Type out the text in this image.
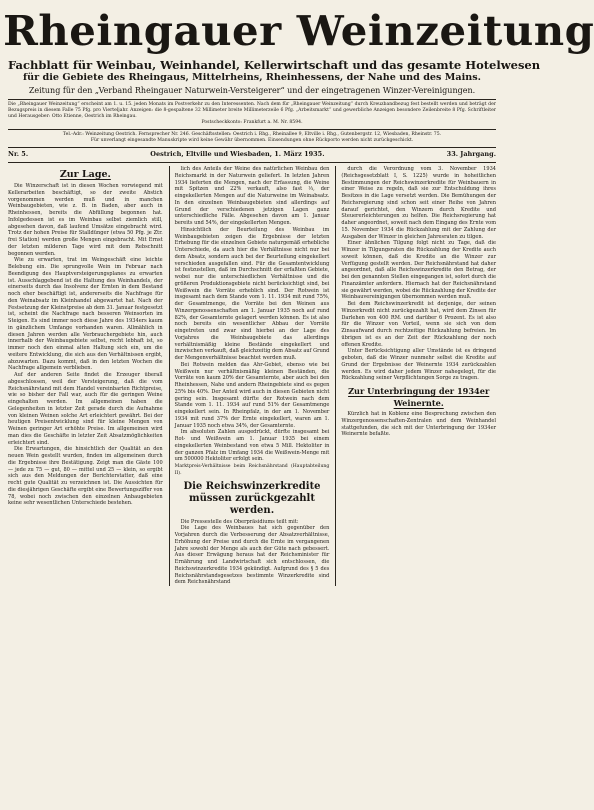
Rheingauer Weinzeitung
Fachblatt für Weinbau, Weinhandel, Kellerwirtschaft und das gesamte Hotelwesen
für die Gebiete des Rheingaus, Mittelrheins, Rheinhessens, der Nahe und des Mains.
Zeitung für den „Verband Rheingauer Naturwein-Versteigerer“ und der eingetragenen Winzer-Vereinigungen.
Die „Rheingauer Weinzeitung“ erscheint am 1. u. 15. jeden Monats im Postverkehr zu den Interessenten. Nach dem für „Rheingauer Weinzeitung“ durch Kreuzbandbezug fest bestellt werden und beträgt der Bezugspreis in diesem Falle 75 Pfg. pro Vierteljahr. Anzeigen: die 8-gespaltene 32 Millimeter breite Millimeterzeile 6 Pfg. „Arbeitsmarkt“ und gewerbliche Anzeigen besondere Zeilenbreite 8 Pfg. Schriftleiter und Herausgeber: Otto Etienne, Oestrich im Rheingau.
Postscheckkonto: Frankfurt a. M. Nr. 8594.
Tel.-Adr.: Weinzeitung Oestrich. Fernsprecher Nr. 246. Geschäftsstellen: Oestrich i. Rhg., Rheinallee 9, Eltville i. Rhg., Gutenbergstr. 12, Wiesbaden, Rheinstr. 75.
Für unverlangt eingesandte Manuskripte wird keine Gewähr übernommen. Einsendungen ohne Rückporto werden nicht zurückgeschickt.
Nr. 5.	Oestrich, Eltville und Wiesbaden, 1. März 1935.	33. Jahrgang.
Zur Lage.

Die Winzerschaft ist in diesen Wochen vorwiegend mit Kellerarbeiten beschäftigt, so der zweite Abstich vorgenommen werden muß und in manchen Weinbaugebieten, wie z. B. in Baden, aber auch in Rheinhessen, bereits die Abfüllung begonnen hat. Infolgedessen ist es im Weinbau selbst ziemlich still, abgesehen davon, daß laufend Umsätze eingebracht wird. Trotz der hohen Preise für Stalldünger (etwa 50 Pfg. je Ztr. frei Station) werden große Mengen eingebracht. Mit Ernst der letzten milderen Tage wird mit dem Rebschnitt begonnen werden.

Wie zu erwarten, trat im Weingeschäft eine leichte Belebung ein. Die sprungvolle Wein im Februar nach Beendigung des Hauptversteigerungsplanes zu erwarten ist. Ausschlaggebend ist die Haltung des Weinhandels, der einerseits durch das Insolvenz der Ernten in dem Bestand noch eher beschäftigt ist, andererseits die Nachfrage für den Weinabsatz im Kleinhandel abgewartet hat. Nach der Festsetzung der Kleinstpreise ab dem 31. Januar festgesetzt ist, scheint die Nachfrage nach besseren Weinsorten im Steigen. Es sind immer noch diese Jahre des 1934ers kaum in gänzlichem Umfange vorhanden waren. Allmählich in diesen Jahren werden alle Verbrauchergebiete hin, auch innerhalb der Weinbaugebiete selbst, recht lebhaft ist, so immer noch den einmal alten Haltung sich ein, um die weitere Entwicklung, die sich aus den Verhältnissen ergibt, abzuwarten. Dazu kommt, daß in den letzten Wochen die Nachfrage allgemein verblieben.

Auf der anderen Seite findet die Erzeuger überall abgeschlossen, weil der Versteigerung, daß die vom Reichsnährstand mit dem Handel vereinbarten Richtpreise, wie so bisher der Fall war, auch für die geringen Weine eingehalten werden. Im allgemeinen haben die Gelegenheiten in letzter Zeit gerade durch die Aufnahme von kleinen Weinen solche Art erleichtert gewährt. Bei der heutigen Preisentwicklung sind für kleine Mengen von Weinen geringer Art erhöhte Preise. Im allgemeinen wird man dies die Geschäfte in letzter Zeit Absatzmöglichkeiten erleichtert sind.

Die Erwartungen, die hinsichtlich der Qualität an den neuen Wein gestellt wurden, finden im allgemeinen durch die Ergebnisse ihre Bestätigung. Zeigt man die Gäste 100 — jede zu 75 — gut, 80 — mittel und 25 — klein, so ergibt sich aus den Meldungen der Berichterstatter, daß eine recht gute Qualität zu verzeichnen ist. Die Aussichten für die diesjährigen Geschäfte ergibt eine Bewertungsziffer von 78, wobei noch zwischen den einzelnen Anbaugebieten keine sehr wesentlichen Unterschiede bestehen.

lich des Anteils der Weine des natürlichen Weinbau den Reichsmarkt in der Naturwein geliefert. In letzten Jahren 1934 lieferten die Mengen, nach der Erfassung, die Weine mit Spitzen und 22% verkauft, also fast ⅓, der eingekellerten Mengen auf die Naturweine im Weinabsatz. In den einzelnen Weinbaugebieten sind allerdings auf Grund der verschiedenen jetzigen Lagen ganz unterschiedliche Fälle. Abgesehen davon am 1. Januar bereits und 54%, der eingekellerten Mengen.

Hinsichtlich der Beurteilung des Weinbau im Weinbaugebieten zeigen die Ergebnisse der letzten Erhebung für die einzelnen Gebiete naturgemäß erhebliche Unterschiede, da auch hier die Verhältnisse nicht nur bei dem Absatz, sondern auch bei der Beurteilung eingekellert verschieden ausgefallen sind. Für die Gesamtentwicklung ist festzustellen, daß im Durchschnitt der erfaßten Gebiete, wobei nur die unterschiedlichen Verhältnisse und die größeren Produktionsgebiete nicht berücksichtigt sind, bei Weißwein die Vorräte erheblich sind. Der Rotwein ist insgesamt nach dem Stande vom 1. 11. 1934 mit rund 75%, der Gesamtmenge, die Vorräte bei den Weinen aus Winzergenossenschaften am 1. Januar 1935 noch auf rund 82%, der Gesamternte gelagert werden können. Es ist also noch bereits ein wesentlicher Abbau der Vorräte eingetreten und zwar sind hierbei an der Lage des Vorjahres die Weinbaugebiete das allerdings verhältnismäßig kleine Bestände eingekellert und inzwischen verkauft, daß gleichzeitig dem Absatz auf Grund der Mengenverhältnisse beachtet werden muß.

Bei Rotwein melden das Ahr-Gebiet, ebenso wie bei Weißwein nur verhältnismäßig kleinen Beständen, die Vorräte von kaum 20% der Gesamternte, aber auch bei den Rheinhessen, Nahe und andern Rheingebiete sind es gegen 25% bis 40%. Der Anteil wird auch in diesen Gebieten nicht gering sein. Insgesamt dürfte der Rotwein nach dem Stande vom 1. 11. 1934 auf rund 51% der Gesamtmenge eingekellert sein. In Rheinpfalz, in der am 1. November 1934 mit rund 37% der Ernte eingekellert, waren am 1. Januar 1935 noch etwa 34%, der Gesamternte.

Im absoluten Zahlen ausgedrückt, dürfte insgesamt bei Rot- und Weißwein am 1. Januar 1935 bei einem eingekellerten Weinbestand von etwa 5 Mill. Hektoliter in der ganzen Pfalz im Umfang 1934 die Weißwein-Menge mit um 500000 Hektoliter erfolgt sein.

Marktpreis-Verhältnisse beim Reichsnährstand (Hauptabteilung II).

Die Reichswinzerkredite müssen zurückgezahlt werden.

Die Pressestelle des Oberpräsidiums teilt mit:

Die Lage des Weinbaues hat sich gegenüber den Vorjahren durch die Verbesserung der Absatzverhältnisse, Erhöhung der Preise und durch die Ernte im vergangenen Jahre sowohl der Menge als auch der Güte nach gebessert. Aus dieser Erwägung heraus hat der Reichsminister für Ernährung und Landwirtschaft sich entschlossen, die Reichswinzerkredite 1934 gekündigt. Aufgrund des § 5 des Reichsnährstandsgesetzes bestimmte Winzerkredite sind dem Reichsnährstand

durch die Verordnung vom 3. November 1934 (Reichsgesetzblatt I, S. 1225) wurde in hoheitlichen Bestimmungen der Reichswinzerkredite für Weinbauern in einer Weise zu regeln, daß sie zur Entschuldung ihres Besitzes in die Lage versetzt werden. Die Bemühungen der Reichsregierung sind schon seit einer Reihe von Jahren darauf gerichtet, den Winzern durch Kredite und Steuererleichterungen zu helfen. Die Reichsregierung hat daher angeordnet, soweit nach dem Eingang des Ernte vom 15. November 1934 die Rückzahlung mit der Zahlung der Ausgaben der Winzer in gleichen Jahresraten zu tilgen.

Einer ähnlichen Tilgung folgt nicht zu Tage, daß die Winzer in Tilgungsraten die Rückzahlung der Kredite auch soweit können, daß die Kredite an die Winzer zur Verfügung gestellt werden. Der Reichsnährstand hat daher angeordnet, daß alle Reichswinzerkredite den Betrag, der bei den genannten Stellen eingegangen ist, sofort durch die Finanzämter anfordern. Hiernach hat der Reichsnährstand sie gewährt werden, wobei die Rückzahlung der Kredite der Weinbauvereinigungen übernommen werden muß.

Bei dem Reichswinzerkredit ist derjenige, der seinen Winzerkredit nicht zurückgezahlt hat, wird dem Zinsen für Darlehen von 400 RM. und darüber 6 Prozent. Es ist also für die Winzer von Vorteil, wenn sie sich von dem Zinsaufwand durch rechtzeitige Rückzahlung befreien. Im übrigen ist es an der Zeit der Rückzahlung der noch offenen Kredite.

Unter Berücksichtigung aller Umstände ist es dringend geboten, daß die Winzer nunmehr selbst die Kredite auf Grund der Ergebnisse der Weinernte 1934 zurückzahlen werden. Es wird daher jedem Winzer nahegelegt, für die Rückzahlung seiner Verpflichtungen Sorge zu tragen.

Zur Unterbringung der 1934er Weinernte.

Kürzlich hat in Koblenz eine Besprechung zwischen den Winzergenossenschaften-Zentralen und dem Weinhandel stattgefunden, die sich mit der Unterbringung der 1934er Weinernte befaßte.
